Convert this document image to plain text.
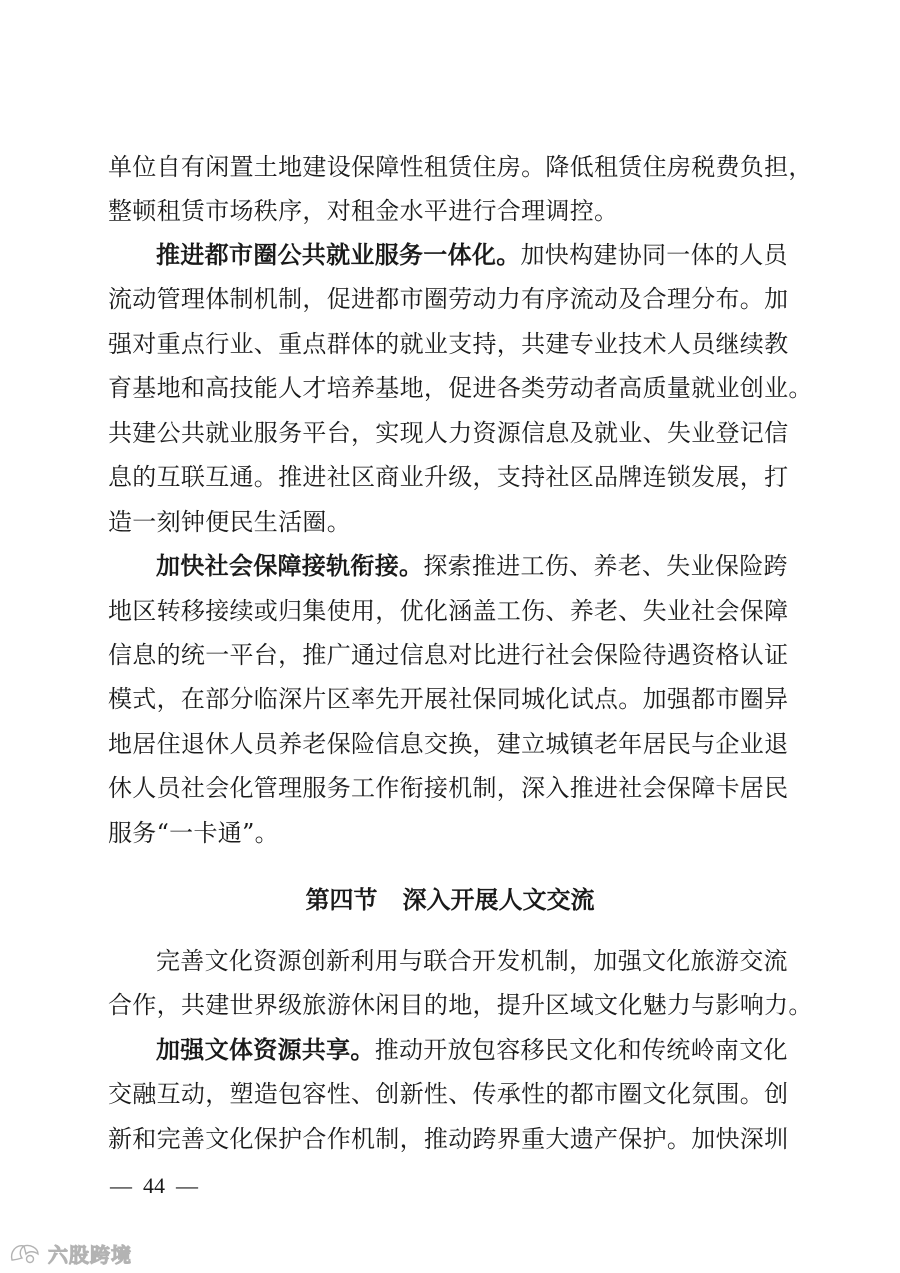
单位自有闲置土地建设保障性租赁住房。降低租赁住房税费负担，
整顿租赁市场秩序，对租金水平进行合理调控。
推进都市圈公共就业服务一体化。加快构建协同一体的人员
流动管理体制机制，促进都市圈劳动力有序流动及合理分布。加
强对重点行业、重点群体的就业支持，共建专业技术人员继续教
育基地和高技能人才培养基地，促进各类劳动者高质量就业创业。
共建公共就业服务平台，实现人力资源信息及就业、失业登记信
息的互联互通。推进社区商业升级，支持社区品牌连锁发展，打
造一刻钟便民生活圈。
加快社会保障接轨衔接。探索推进工伤、养老、失业保险跨
地区转移接续或归集使用，优化涵盖工伤、养老、失业社会保障
信息的统一平台，推广通过信息对比进行社会保险待遇资格认证
模式，在部分临深片区率先开展社保同城化试点。加强都市圈异
地居住退休人员养老保险信息交换，建立城镇老年居民与企业退
休人员社会化管理服务工作衔接机制，深入推进社会保障卡居民
服务“一卡通”。
第四节 深入开展人文交流
完善文化资源创新利用与联合开发机制，加强文化旅游交流
合作，共建世界级旅游休闲目的地，提升区域文化魅力与影响力。
加强文体资源共享。推动开放包容移民文化和传统岭南文化
交融互动，塑造包容性、创新性、传承性的都市圈文化氛围。创
新和完善文化保护合作机制，推动跨界重大遗产保护。加快深圳
—  44  —
六股跨境
